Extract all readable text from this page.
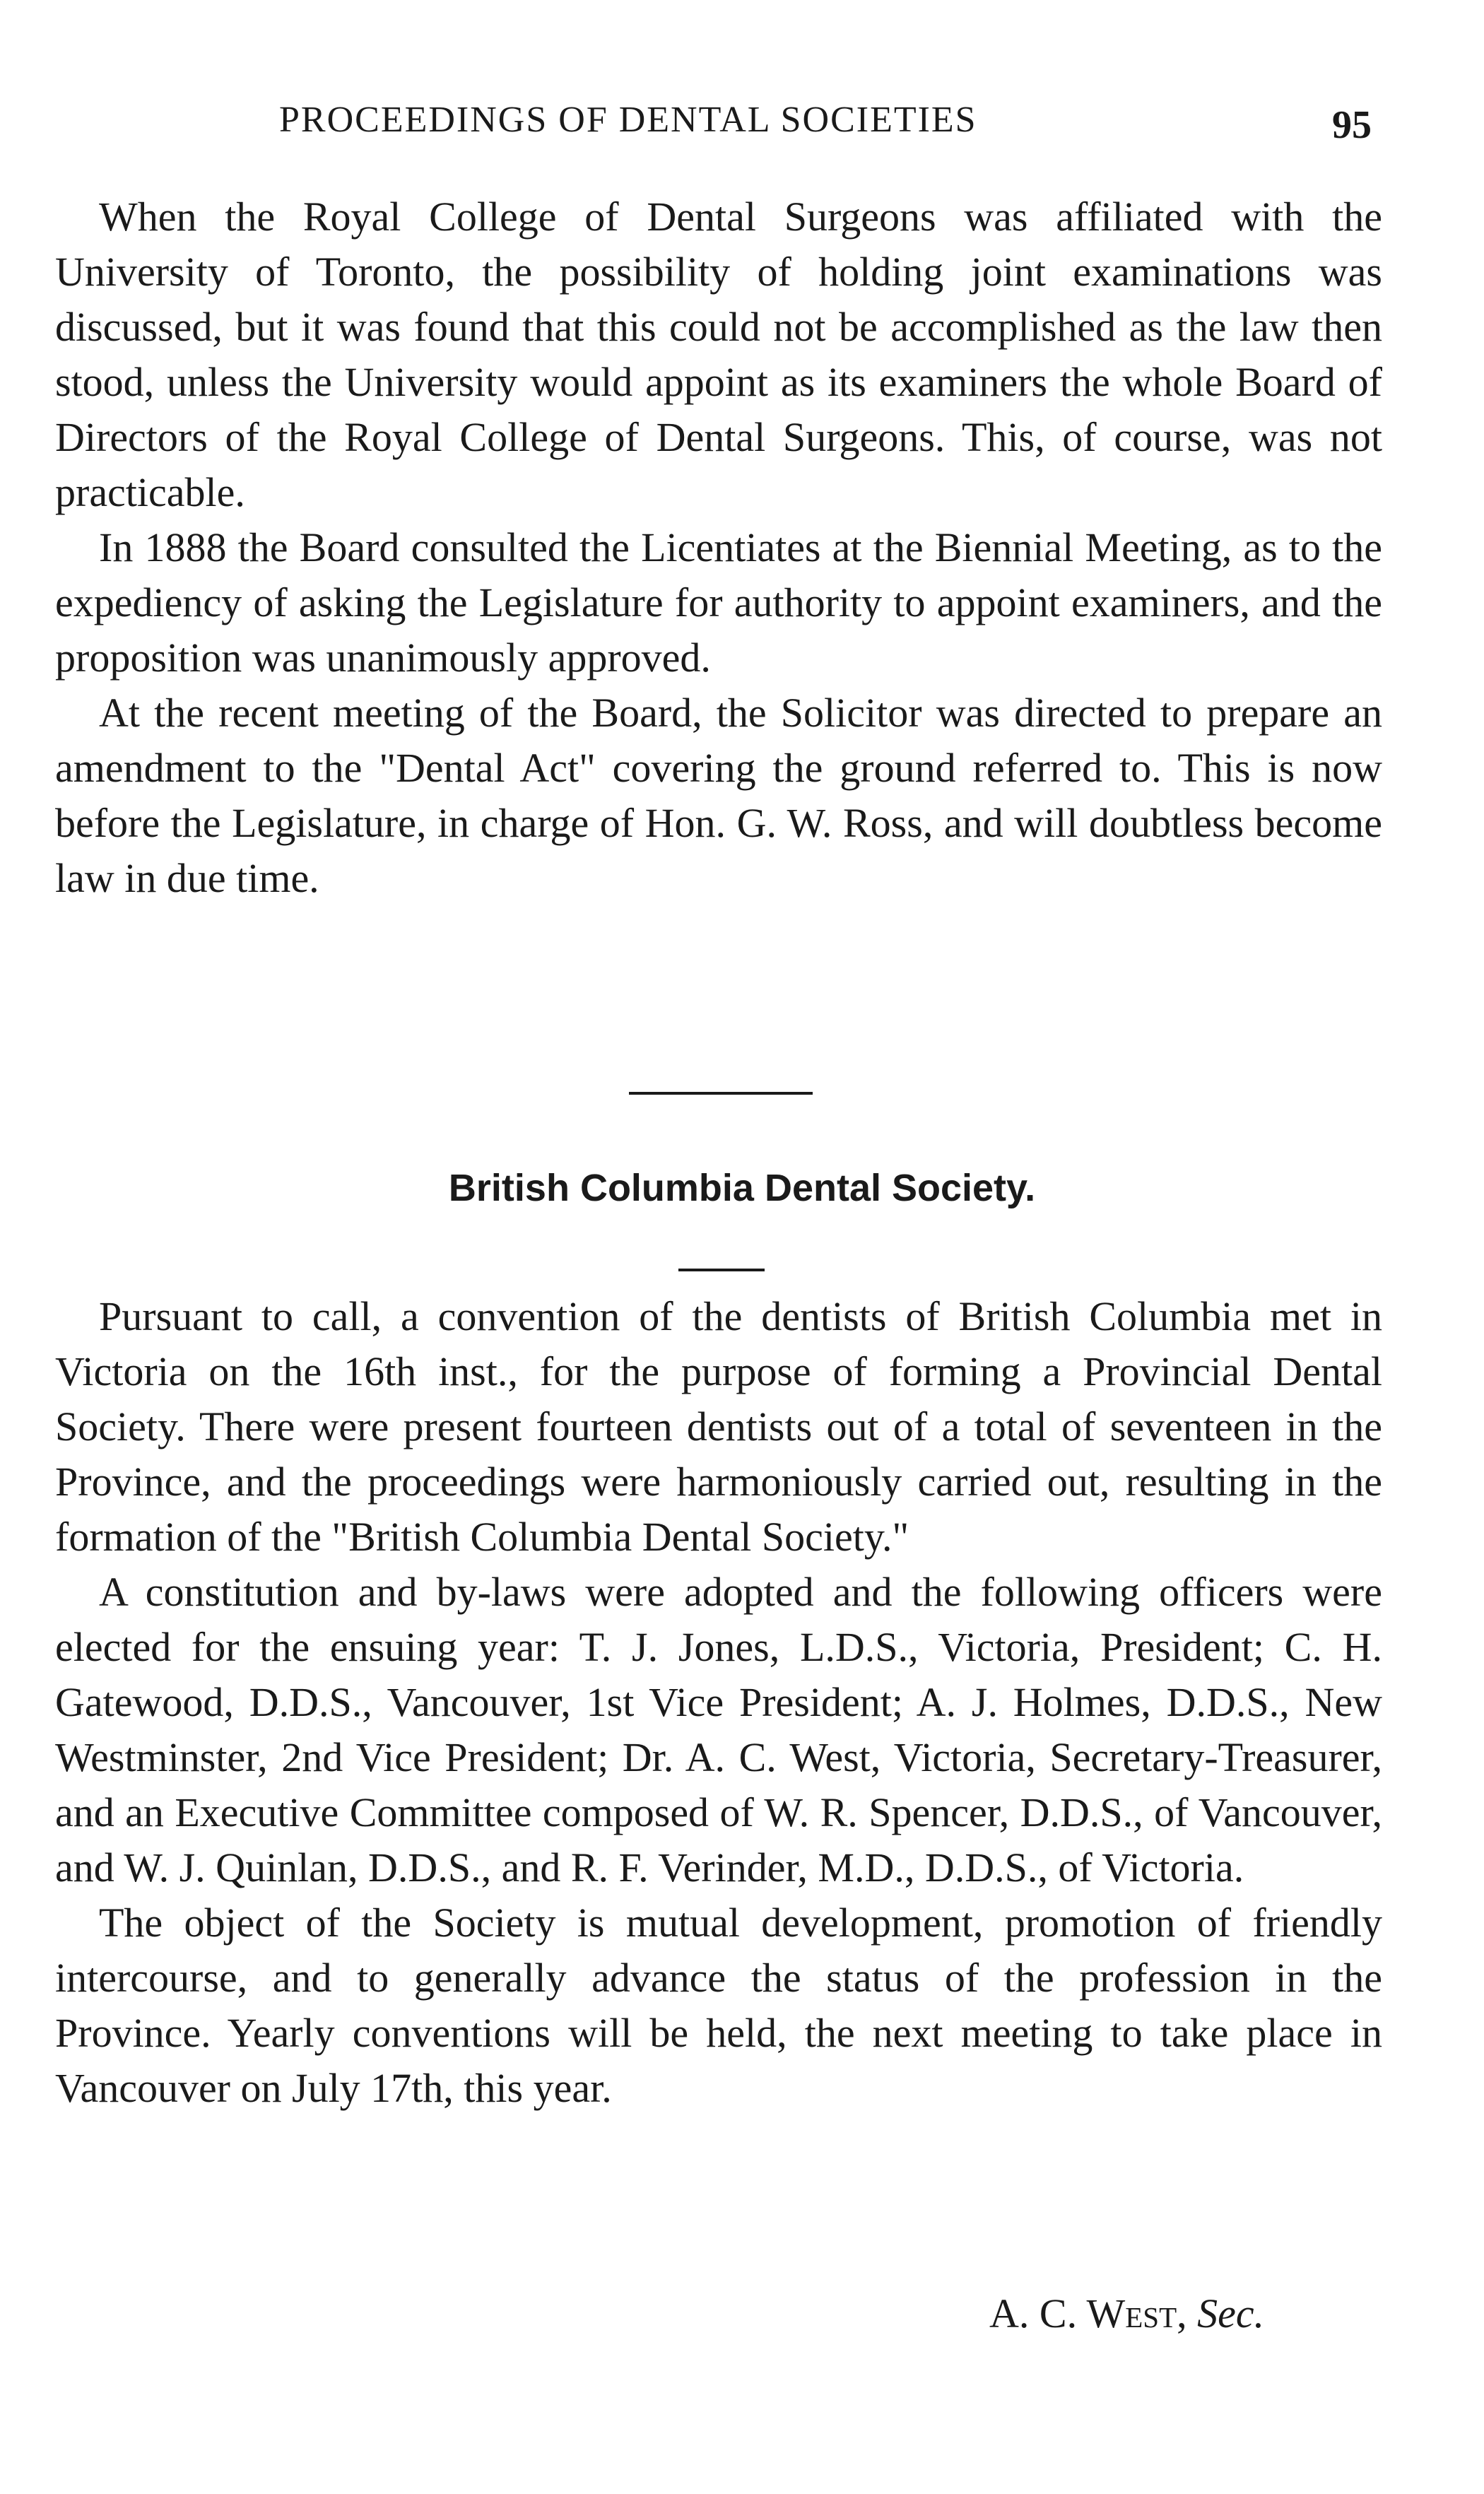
PROCEEDINGS OF DENTAL SOCIETIES	95

When the Royal College of Dental Surgeons was affiliated with the University of Toronto, the possibility of holding joint examinations was discussed, but it was found that this could not be accomplished as the law then stood, unless the University would appoint as its examiners the whole Board of Directors of the Royal College of Dental Surgeons. This, of course, was not practicable.

In 1888 the Board consulted the Licentiates at the Biennial Meeting, as to the expediency of asking the Legislature for authority to appoint examiners, and the proposition was unanimously approved.

At the recent meeting of the Board, the Solicitor was directed to prepare an amendment to the "Dental Act" covering the ground referred to. This is now before the Legislature, in charge of Hon. G. W. Ross, and will doubtless become law in due time.

British Columbia Dental Society.

Pursuant to call, a convention of the dentists of British Columbia met in Victoria on the 16th inst., for the purpose of forming a Provincial Dental Society. There were present fourteen dentists out of a total of seventeen in the Province, and the proceedings were harmoniously carried out, resulting in the formation of the "British Columbia Dental Society."

A constitution and by-laws were adopted and the following officers were elected for the ensuing year: T. J. Jones, L.D.S., Victoria, President; C. H. Gatewood, D.D.S., Vancouver, 1st Vice President; A. J. Holmes, D.D.S., New Westminster, 2nd Vice President; Dr. A. C. West, Victoria, Secretary-Treasurer, and an Executive Committee composed of W. R. Spencer, D.D.S., of Vancouver, and W. J. Quinlan, D.D.S., and R. F. Verinder, M.D., D.D.S., of Victoria.

The object of the Society is mutual development, promotion of friendly intercourse, and to generally advance the status of the profession in the Province. Yearly conventions will be held, the next meeting to take place in Vancouver on July 17th, this year.

A. C. West, Sec.
